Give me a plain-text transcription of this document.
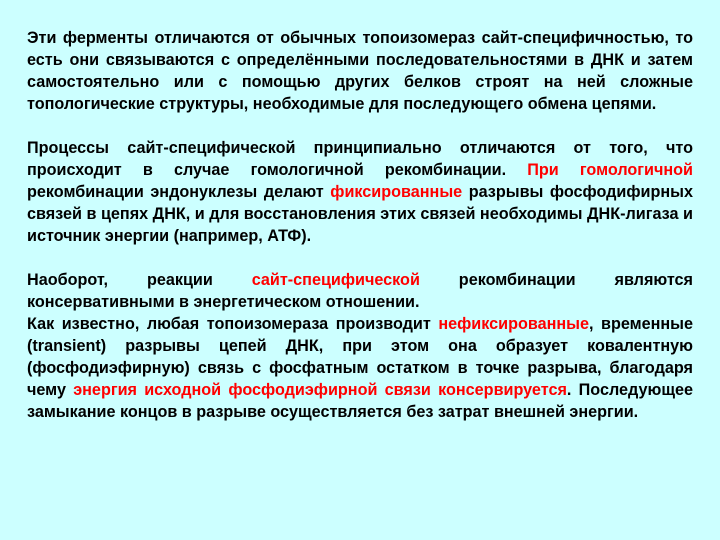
Эти ферменты отличаются от обычных топоизомераз сайт-специфичностью, то есть они связываются с определёнными последовательностями в ДНК и затем самостоятельно или с помощью других белков строят на ней сложные топологические структуры, необходимые для последующего обмена цепями.

Процессы сайт-специфической принципиально отличаются от того, что происходит в случае гомологичной рекомбинации. При гомологичной рекомбинации эндонуклезы делают фиксированные разрывы фосфодифирных связей в цепях ДНК, и для восстановления этих связей необходимы ДНК-лигаза и источник энергии (например, АТФ).

Наоборот, реакции сайт-специфической рекомбинации являются консервативными в энергетическом отношении.

Как известно, любая топоизомераза производит нефиксированные, временные (transient) разрывы цепей ДНК, при этом она образует ковалентную (фосфодиэфирную) связь с фосфатным остатком в точке разрыва, благодаря чему энергия исходной фосфодиэфирной связи консервируется. Последующее замыкание концов в разрыве осуществляется без затрат внешней энергии.
